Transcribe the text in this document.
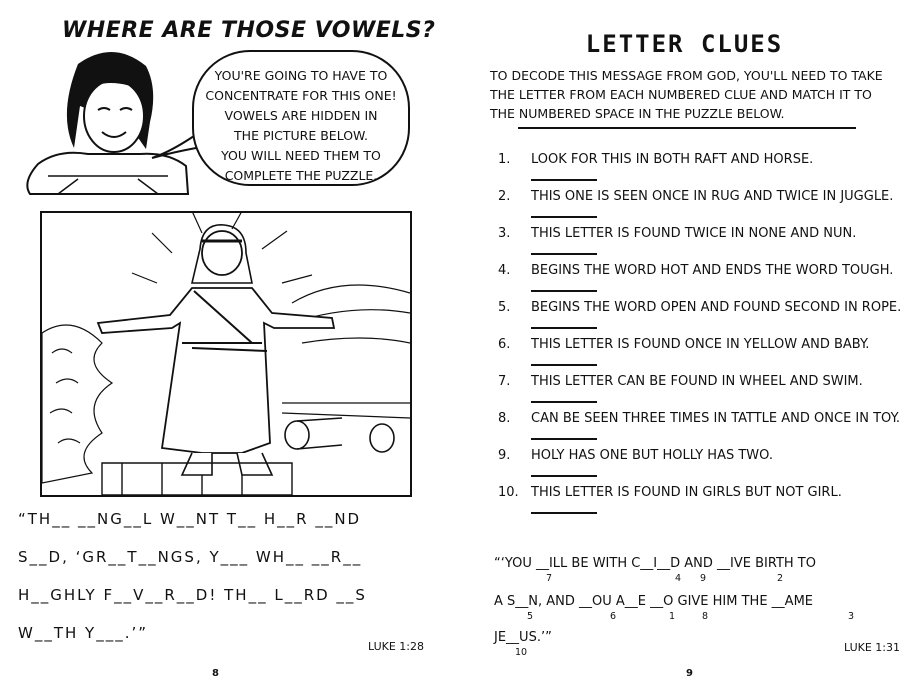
WHERE ARE THOSE VOWELS?
YOU'RE GOING TO HAVE TO
CONCENTRATE FOR THIS ONE!
VOWELS ARE HIDDEN IN
THE PICTURE BELOW.
YOU WILL NEED THEM TO
COMPLETE THE PUZZLE.
“TH__ __NG__L W__NT T__ H__R __ND
S__D, ‘GR__T__NGS, Y___ WH__ __R__
H__GHLY F__V__R__D! TH__ L__RD __S
W__TH Y___.’”
LUKE 1:28
8
LETTER CLUES
TO DECODE THIS MESSAGE FROM GOD, YOU'LL NEED TO TAKE THE LETTER FROM EACH NUMBERED CLUE AND MATCH IT TO THE NUMBERED SPACE IN THE PUZZLE BELOW.
1. LOOK FOR THIS IN BOTH RAFT AND HORSE.
2. THIS ONE IS SEEN ONCE IN RUG AND TWICE IN JUGGLE.
3. THIS LETTER IS FOUND TWICE IN NONE AND NUN.
4. BEGINS THE WORD HOT AND ENDS THE WORD TOUGH.
5. BEGINS THE WORD OPEN AND FOUND SECOND IN ROPE.
6. THIS LETTER IS FOUND ONCE IN YELLOW AND BABY.
7. THIS LETTER CAN BE FOUND IN WHEEL AND SWIM.
8. CAN BE SEEN THREE TIMES IN TATTLE AND ONCE IN TOY.
9. HOLY HAS ONE BUT HOLLY HAS TWO.
10. THIS LETTER IS FOUND IN GIRLS BUT NOT GIRL.
“‘YOU __ILL BE WITH C__I__D AND __IVE BIRTH TO
A S__N, AND __OU A__E __O GIVE HIM THE __AME
JE__US.’”
7	4 9	2
5	6	1	8	3
10	LUKE 1:31
9
